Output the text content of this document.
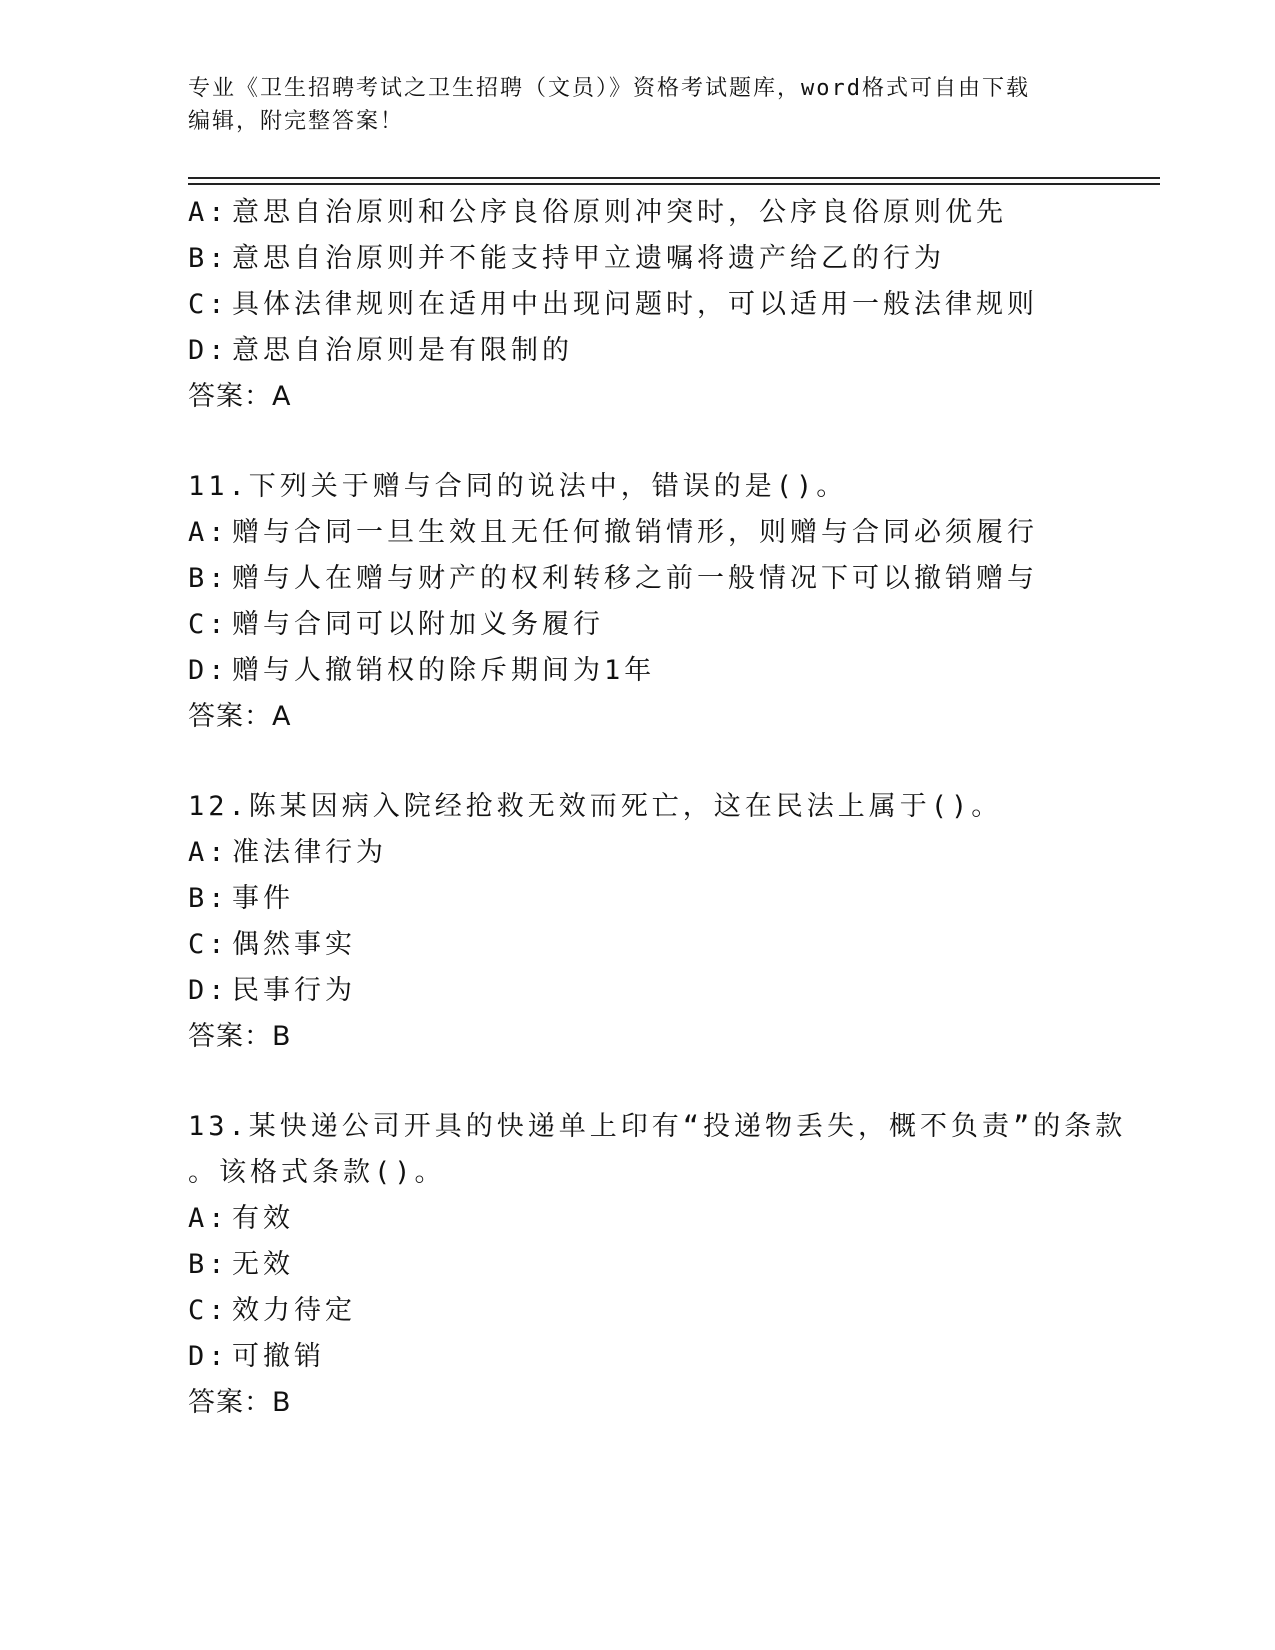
专业《卫生招聘考试之卫生招聘（文员）》资格考试题库，word格式可自由下载
编辑，附完整答案！
A: 意思自治原则和公序良俗原则冲突时，公序良俗原则优先
B: 意思自治原则并不能支持甲立遗嘱将遗产给乙的行为
C: 具体法律规则在适用中出现问题时，可以适用一般法律规则
D: 意思自治原则是有限制的
答案：A
11.下列关于赠与合同的说法中，错误的是()。
A: 赠与合同一旦生效且无任何撤销情形，则赠与合同必须履行
B: 赠与人在赠与财产的权利转移之前一般情况下可以撤销赠与
C: 赠与合同可以附加义务履行
D: 赠与人撤销权的除斥期间为1年
答案：A
12.陈某因病入院经抢救无效而死亡，这在民法上属于()。
A: 准法律行为
B: 事件
C: 偶然事实
D: 民事行为
答案：B
13.某快递公司开具的快递单上印有“投递物丢失，概不负责”的条款
。该格式条款()。
A: 有效
B: 无效
C: 效力待定
D: 可撤销
答案：B
